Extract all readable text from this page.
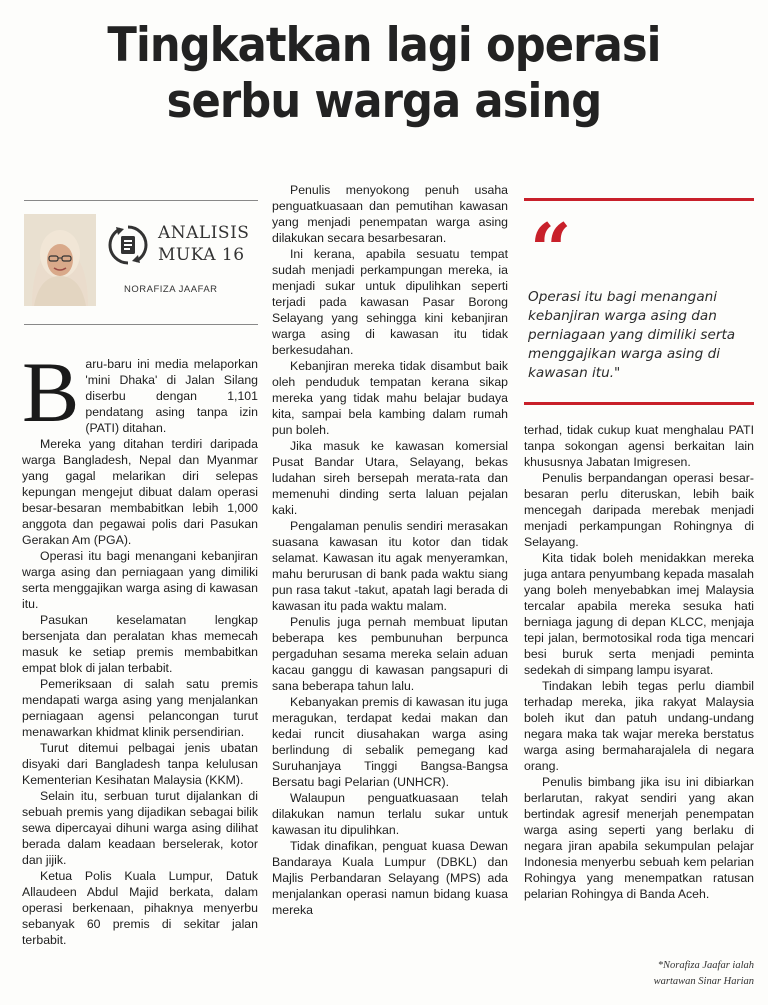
Tingkatkan lagi operasi
serbu warga asing
ANALISIS
MUKA 16
NORAFIZA JAAFAR
B aru-baru ini media melaporkan 'mini Dhaka' di Jalan Silang diserbu dengan 1,101 pendatang asing tanpa izin (PATI) ditahan.

Mereka yang ditahan terdiri daripada warga Bangladesh, Nepal dan Myanmar yang gagal melarikan diri selepas kepungan mengejut dibuat dalam operasi besar-besaran membabitkan lebih 1,000 anggota dan pegawai polis dari Pasukan Gerakan Am (PGA).

Operasi itu bagi menangani kebanjiran warga asing dan perniagaan yang dimiliki serta menggajikan warga asing di kawasan itu.

Pasukan keselamatan lengkap bersenjata dan peralatan khas memecah masuk ke setiap premis membabitkan empat blok di jalan terbabit.

Pemeriksaan di salah satu premis mendapati warga asing yang menjalankan perniagaan agensi pelancongan turut menawarkan khidmat klinik persendirian.

Turut ditemui pelbagai jenis ubatan disyaki dari Bangladesh tanpa kelulusan Kementerian Kesihatan Malaysia (KKM).

Selain itu, serbuan turut dijalankan di sebuah premis yang dijadikan sebagai bilik sewa dipercayai dihuni warga asing dilihat berada dalam keadaan berselerak, kotor dan jijik.

Ketua Polis Kuala Lumpur, Datuk Allaudeen Abdul Majid berkata, dalam operasi berkenaan, pihaknya menyerbu sebanyak 60 premis di sekitar jalan terbabit.

Penulis menyokong penuh usaha penguatkuasaan dan pemutihan kawasan yang menjadi penempatan warga asing dilakukan secara besarbesaran.

Ini kerana, apabila sesuatu tempat sudah menjadi perkampungan mereka, ia menjadi sukar untuk dipulihkan seperti terjadi pada kawasan Pasar Borong Selayang yang sehingga kini kebanjiran warga asing di kawasan itu tidak berkesudahan.

Kebanjiran mereka tidak disambut baik oleh penduduk tempatan kerana sikap mereka yang tidak mahu belajar budaya kita, sampai bela kambing dalam rumah pun boleh.

Jika masuk ke kawasan komersial Pusat Bandar Utara, Selayang, bekas ludahan sireh bersepah merata-rata dan memenuhi dinding serta laluan pejalan kaki.

Pengalaman penulis sendiri merasakan suasana kawasan itu kotor dan tidak selamat. Kawasan itu agak menyeramkan, mahu berurusan di bank pada waktu siang pun rasa takut -takut, apatah lagi berada di kawasan itu pada waktu malam.

Penulis juga pernah membuat liputan beberapa kes pembunuhan berpunca pergaduhan sesama mereka selain aduan kacau ganggu di kawasan pangsapuri di sana beberapa tahun lalu.

Kebanyakan premis di kawasan itu juga meragukan, terdapat kedai makan dan kedai runcit diusahakan warga asing berlindung di sebalik pemegang kad Suruhanjaya Tinggi Bangsa-Bangsa Bersatu bagi Pelarian (UNHCR).

Walaupun penguatkuasaan telah dilakukan namun terlalu sukar untuk kawasan itu dipulihkan.

Tidak dinafikan, penguat kuasa Dewan Bandaraya Kuala Lumpur (DBKL) dan Majlis Perbandaran Selayang (MPS) ada menjalankan operasi namun bidang kuasa mereka

“
Operasi itu bagi menangani kebanjiran warga asing dan perniagaan yang dimiliki serta menggajikan warga asing di kawasan itu."

terhad, tidak cukup kuat menghalau PATI tanpa sokongan agensi berkaitan lain khususnya Jabatan Imigresen.

Penulis berpandangan operasi besar-besaran perlu diteruskan, lebih baik mencegah daripada merebak menjadi menjadi perkampungan Rohingnya di Selayang.

Kita tidak boleh menidakkan mereka juga antara penyumbang kepada masalah yang boleh menyebabkan imej Malaysia tercalar apabila mereka sesuka hati berniaga jagung di depan KLCC, menjaja tepi jalan, bermotosikal roda tiga mencari besi buruk serta menjadi peminta sedekah di simpang lampu isyarat.

Tindakan lebih tegas perlu diambil terhadap mereka, jika rakyat Malaysia boleh ikut dan patuh undang-undang negara maka tak wajar mereka berstatus warga asing bermaharajalela di negara orang.

Penulis bimbang jika isu ini dibiarkan berlarutan, rakyat sendiri yang akan bertindak agresif menerjah penempatan warga asing seperti yang berlaku di negara jiran apabila sekumpulan pelajar Indonesia menyerbu sebuah kem pelarian Rohingya yang menempatkan ratusan pelarian Rohingya di Banda Aceh.

*Norafiza Jaafar ialah
wartawan Sinar Harian
